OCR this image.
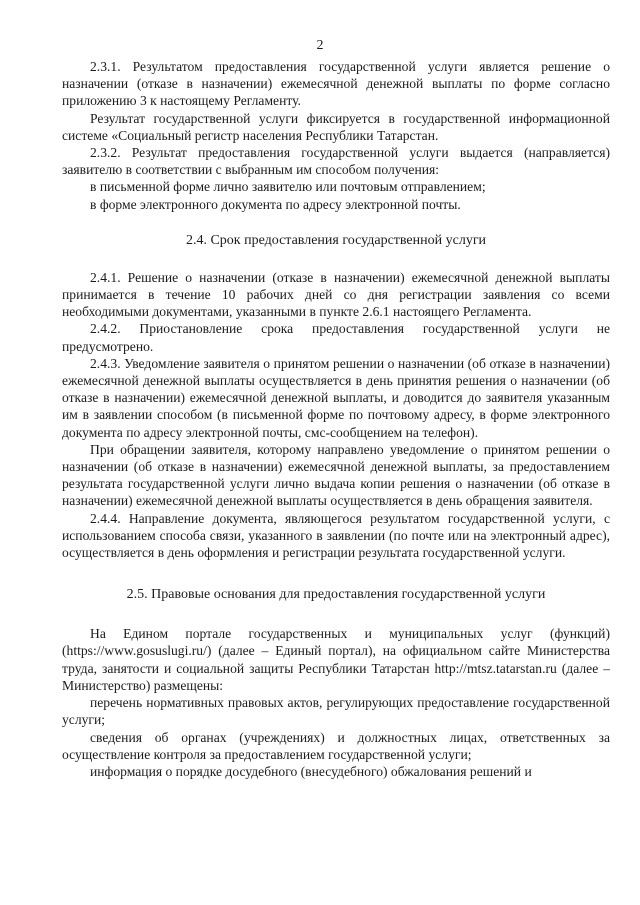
2

2.3.1. Результатом предоставления государственной услуги является решение о назначении (отказе в назначении) ежемесячной денежной выплаты по форме согласно приложению 3 к настоящему Регламенту.

Результат государственной услуги фиксируется в государственной информационной системе «Социальный регистр населения Республики Татарстан.

2.3.2. Результат предоставления государственной услуги выдается (направляется) заявителю в соответствии с выбранным им способом получения:

в письменной форме лично заявителю или почтовым отправлением;

в форме электронного документа по адресу электронной почты.

2.4. Срок предоставления государственной услуги

2.4.1. Решение о назначении (отказе в назначении) ежемесячной денежной выплаты принимается в течение 10 рабочих дней со дня регистрации заявления со всеми необходимыми документами, указанными в пункте 2.6.1 настоящего Регламента.

2.4.2. Приостановление срока предоставления государственной услуги не предусмотрено.

2.4.3. Уведомление заявителя о принятом решении о назначении (об отказе в назначении) ежемесячной денежной выплаты осуществляется в день принятия решения о назначении (об отказе в назначении) ежемесячной денежной выплаты, и доводится до заявителя указанным им в заявлении способом (в письменной форме по почтовому адресу, в форме электронного документа по адресу электронной почты, смс-сообщением на телефон).

При обращении заявителя, которому направлено уведомление о принятом решении о назначении (об отказе в назначении) ежемесячной денежной выплаты, за предоставлением результата государственной услуги лично выдача копии решения о назначении (об отказе в назначении) ежемесячной денежной выплаты осуществляется в день обращения заявителя.

2.4.4. Направление документа, являющегося результатом государственной услуги, с использованием способа связи, указанного в заявлении (по почте или на электронный адрес), осуществляется в день оформления и регистрации результата государственной услуги.

2.5. Правовые основания для предоставления государственной услуги

На Едином портале государственных и муниципальных услуг (функций) (https://www.gosuslugi.ru/) (далее – Единый портал), на официальном сайте Министерства труда, занятости и социальной защиты Республики Татарстан http://mtsz.tatarstan.ru (далее – Министерство) размещены:

перечень нормативных правовых актов, регулирующих предоставление государственной услуги;

сведения об органах (учреждениях) и должностных лицах, ответственных за осуществление контроля за предоставлением государственной услуги;

информация о порядке досудебного (внесудебного) обжалования решений и
